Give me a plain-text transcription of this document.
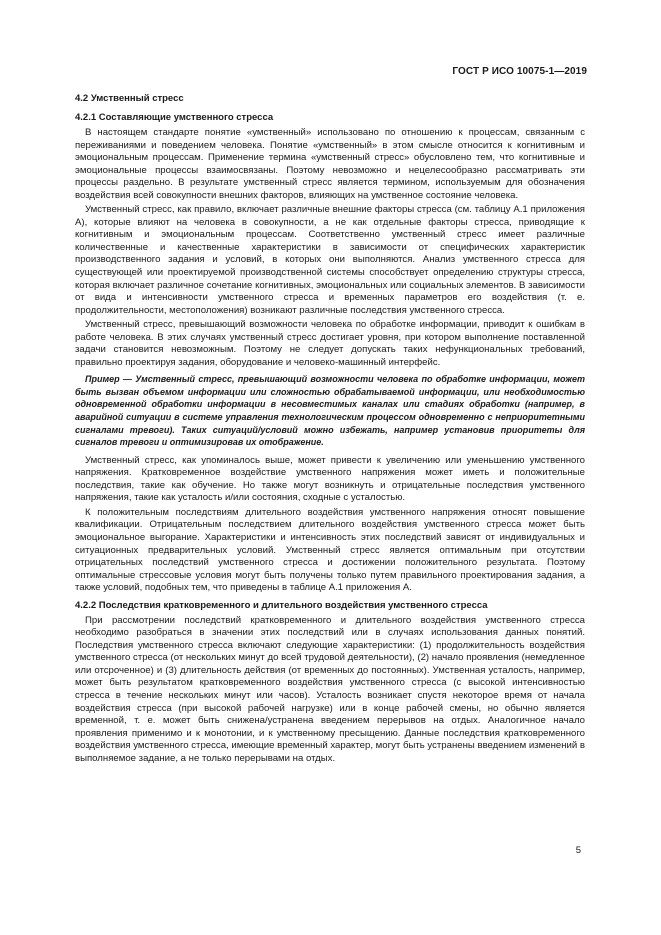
ГОСТ Р ИСО 10075-1—2019
4.2 Умственный стресс
4.2.1 Составляющие умственного стресса

В настоящем стандарте понятие «умственный» использовано по отношению к процессам, связанным с переживаниями и поведением человека. Понятие «умственный» в этом смысле относится к когнитивным и эмоциональным процессам. Применение термина «умственный стресс» обусловлено тем, что когнитивные и эмоциональные процессы взаимосвязаны. Поэтому невозможно и нецелесообразно рассматривать эти процессы раздельно. В результате умственный стресс является термином, используемым для обозначения воздействия всей совокупности внешних факторов, влияющих на умственное состояние человека.

Умственный стресс, как правило, включает различные внешние факторы стресса (см. таблицу А.1 приложения А), которые влияют на человека в совокупности, а не как отдельные факторы стресса, приводящие к когнитивным и эмоциональным процессам. Соответственно умственный стресс имеет различные количественные и качественные характеристики в зависимости от специфических характеристик производственного задания и условий, в которых они выполняются. Анализ умственного стресса для существующей или проектируемой производственной системы способствует определению структуры стресса, которая включает различное сочетание когнитивных, эмоциональных или социальных элементов. В зависимости от вида и интенсивности умственного стресса и временных параметров его воздействия (т. е. продолжительности, местоположения) возникают различные последствия умственного стресса.

Умственный стресс, превышающий возможности человека по обработке информации, приводит к ошибкам в работе человека. В этих случаях умственный стресс достигает уровня, при котором выполнение поставленной задачи становится невозможным. Поэтому не следует допускать таких нефункциональных требований, правильно проектируя задания, оборудование и человеко-машинный интерфейс.

Пример — Умственный стресс, превышающий возможности человека по обработке информации, может быть вызван объемом информации или сложностью обрабатываемой информации, или необходимостью одновременной обработки информации в несовместимых каналах или стадиях обработки (например, в аварийной ситуации в системе управления технологическим процессом одновременно с неприоритетными сигналами тревоги). Таких ситуаций/условий можно избежать, например установив приоритеты для сигналов тревоги и оптимизировав их отображение.

Умственный стресс, как упоминалось выше, может привести к увеличению или уменьшению умственного напряжения. Кратковременное воздействие умственного напряжения может иметь и положительные последствия, такие как обучение. Но также могут возникнуть и отрицательные последствия умственного напряжения, такие как усталость и/или состояния, сходные с усталостью.

К положительным последствиям длительного воздействия умственного напряжения относят повышение квалификации. Отрицательным последствием длительного воздействия умственного стресса может быть эмоциональное выгорание. Характеристики и интенсивность этих последствий зависят от индивидуальных и ситуационных предварительных условий. Умственный стресс является оптимальным при отсутствии отрицательных последствий умственного стресса и достижении положительного результата. Поэтому оптимальные стрессовые условия могут быть получены только путем правильного проектирования задания, а также условий, подобных тем, что приведены в таблице А.1 приложения А.

4.2.2 Последствия кратковременного и длительного воздействия умственного стресса

При рассмотрении последствий кратковременного и длительного воздействия умственного стресса необходимо разобраться в значении этих последствий или в случаях использования данных понятий. Последствия умственного стресса включают следующие характеристики: (1) продолжительность воздействия умственного стресса (от нескольких минут до всей трудовой деятельности), (2) начало проявления (немедленное или отсроченное) и (3) длительность действия (от временных до постоянных). Умственная усталость, например, может быть результатом кратковременного воздействия умственного стресса (с высокой интенсивностью стресса в течение нескольких минут или часов). Усталость возникает спустя некоторое время от начала воздействия стресса (при высокой рабочей нагрузке) или в конце рабочей смены, но обычно является временной, т. е. может быть снижена/устранена введением перерывов на отдых. Аналогичное начало проявления применимо и к монотонии, и к умственному пресыщению. Данные последствия кратковременного воздействия умственного стресса, имеющие временный характер, могут быть устранены введением изменений в выполняемое задание, а не только перерывами на отдых.

5
